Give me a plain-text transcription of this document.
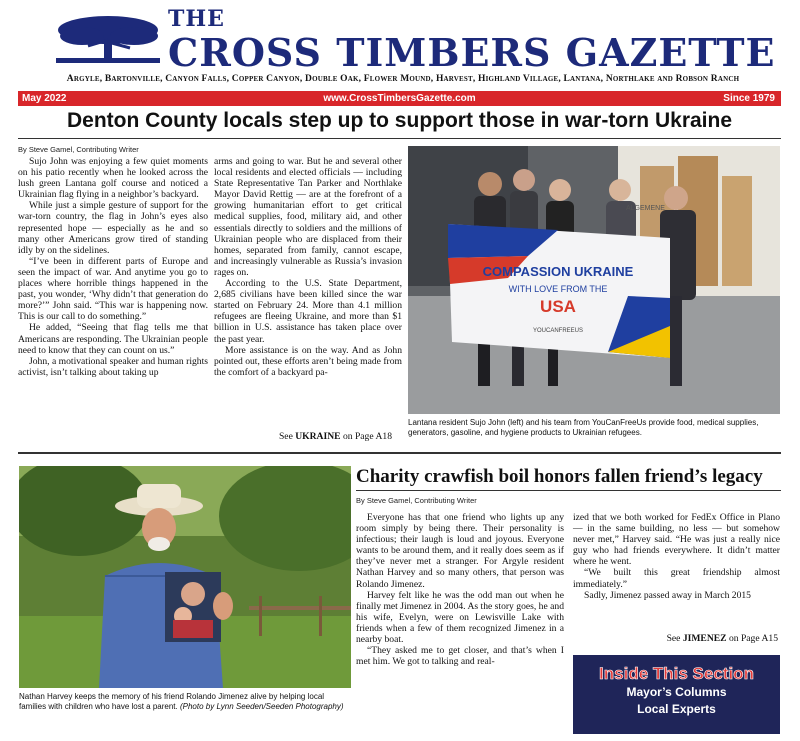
THE
CROSS TIMBERS GAZETTE
Argyle, Bartonville, Canyon Falls, Copper Canyon, Double Oak, Flower Mound, Harvest, Highland Village, Lantana, Northlake and Robson Ranch
May 2022	www.CrossTimbersGazette.com	Since 1979
Denton County locals step up to support those in war-torn Ukraine
By Steve Gamel, Contributing Writer

Sujo John was enjoying a few quiet moments on his patio recently when he looked across the lush green Lantana golf course and noticed a Ukrainian flag flying in a neighbor’s backyard.

While just a simple gesture of support for the war-torn country, the flag in John’s eyes also represented hope — especially as he and so many other Americans grow tired of standing idly by on the sidelines.

“I’ve been in different parts of Europe and seen the impact of war. And anytime you go to places where horrible things happened in the past, you wonder, ‘Why didn’t that generation do more?’” John said. “This war is happening now. This is our call to do something.”

He added, “Seeing that flag tells me that Americans are responding. The Ukrainian people need to know that they can count on us.”

John, a motivational speaker and human rights activist, isn’t talking about taking up

arms and going to war. But he and several other local residents and elected officials — including State Representative Tan Parker and Northlake Mayor David Rettig — are at the forefront of a growing humanitarian effort to get critical medical supplies, food, military aid, and other essentials directly to soldiers and the millions of Ukrainian people who are displaced from their homes, separated from family, cannot escape, and increasingly vulnerable as Russia’s invasion rages on.

According to the U.S. State Department, 2,685 civilians have been killed since the war started on February 24. More than 4.1 million refugees are fleeing Ukraine, and more than $1 billion in U.S. assistance has taken place over the past year.

More assistance is on the way. And as John pointed out, these efforts aren’t being made from the comfort of a backyard pa-

See UKRAINE on Page A18
COMPASSION UKRAINE
WITH LOVE FROM THE
USA
YOUCANFREEUS
ALGEMENE
Lantana resident Sujo John (left) and his team from YouCanFreeUs provide food, medical supplies, generators, gasoline, and hygiene products to Ukrainian refugees.
Nathan Harvey keeps the memory of his friend Rolando Jimenez alive by helping local families with children who have lost a parent. (Photo by Lynn Seeden/Seeden Photography)
Charity crawfish boil honors fallen friend’s legacy
By Steve Gamel, Contributing Writer

Everyone has that one friend who lights up any room simply by being there. Their personality is infectious; their laugh is loud and joyous. Everyone wants to be around them, and it really does seem as if they’ve never met a stranger. For Argyle resident Nathan Harvey and so many others, that person was Rolando Jimenez.

Harvey felt like he was the odd man out when he finally met Jimenez in 2004. As the story goes, he and his wife, Evelyn, were on Lewisville Lake with friends when a few of them recognized Jimenez in a nearby boat.

“They asked me to get closer, and that’s when I met him. We got to talking and real-

ized that we both worked for FedEx Office in Plano — in the same building, no less — but somehow never met,” Harvey said. “He was just a really nice guy who had friends everywhere. It didn’t matter where he went.

“We built this great friendship almost immediately.”

Sadly, Jimenez passed away in March 2015

See JIMENEZ on Page A15
Inside This Section
Mayor’s Columns
Local Experts
